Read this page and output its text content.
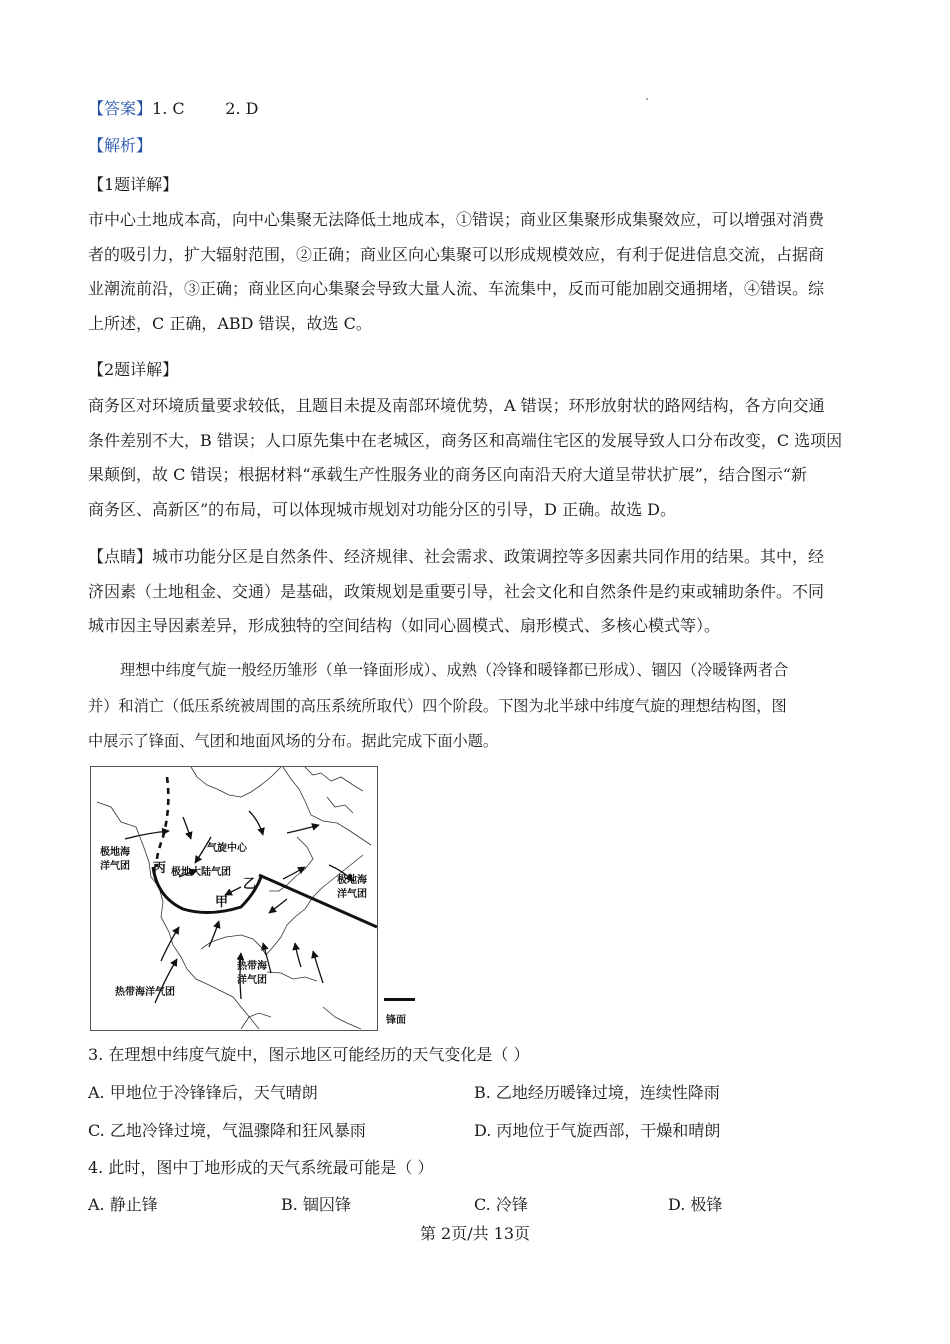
【答案】1. C        2. D
【解析】
【1题详解】
市中心土地成本高，向中心集聚无法降低土地成本，①错误；商业区集聚形成集聚效应，可以增强对消费
者的吸引力，扩大辐射范围，②正确；商业区向心集聚可以形成规模效应，有利于促进信息交流，占据商
业潮流前沿，③正确；商业区向心集聚会导致大量人流、车流集中，反而可能加剧交通拥堵，④错误。综
上所述，C 正确，ABD 错误，故选 C。
【2题详解】
商务区对环境质量要求较低，且题目未提及南部环境优势，A 错误；环形放射状的路网结构，各方向交通
条件差别不大，B 错误；人口原先集中在老城区，商务区和高端住宅区的发展导致人口分布改变，C 选项因
果颠倒，故 C 错误；根据材料“承载生产性服务业的商务区向南沿天府大道呈带状扩展”，结合图示“新
商务区、高新区”的布局，可以体现城市规划对功能分区的引导，D 正确。故选 D。
【点睛】城市功能分区是自然条件、经济规律、社会需求、政策调控等多因素共同作用的结果。其中，经
济因素（土地租金、交通）是基础，政策规划是重要引导，社会文化和自然条件是约束或辅助条件。不同
城市因主导因素差异，形成独特的空间结构（如同心圆模式、扇形模式、多核心模式等）。
理想中纬度气旋一般经历雏形（单一锋面形成）、成熟（冷锋和暖锋都已形成）、锢囚（冷暖锋两者合
并）和消亡（低压系统被周围的高压系统所取代）四个阶段。下图为北半球中纬度气旋的理想结构图，图
中展示了锋面、气团和地面风场的分布。据此完成下面小题。
极地海
洋气团 丙 极地大陆气团
气旋中心
乙
甲
极地海
洋气团
热带海
洋气团
热带海洋气团
锋面
3. 在理想中纬度气旋中，图示地区可能经历的天气变化是（ ）
A. 甲地位于冷锋锋后，天气晴朗	B. 乙地经历暖锋过境，连续性降雨
C. 乙地冷锋过境，气温骤降和狂风暴雨	D. 丙地位于气旋西部，干燥和晴朗
4. 此时，图中丁地形成的天气系统最可能是（ ）
A. 静止锋	B. 锢囚锋	C. 冷锋	D. 极锋
第 2页/共 13页
